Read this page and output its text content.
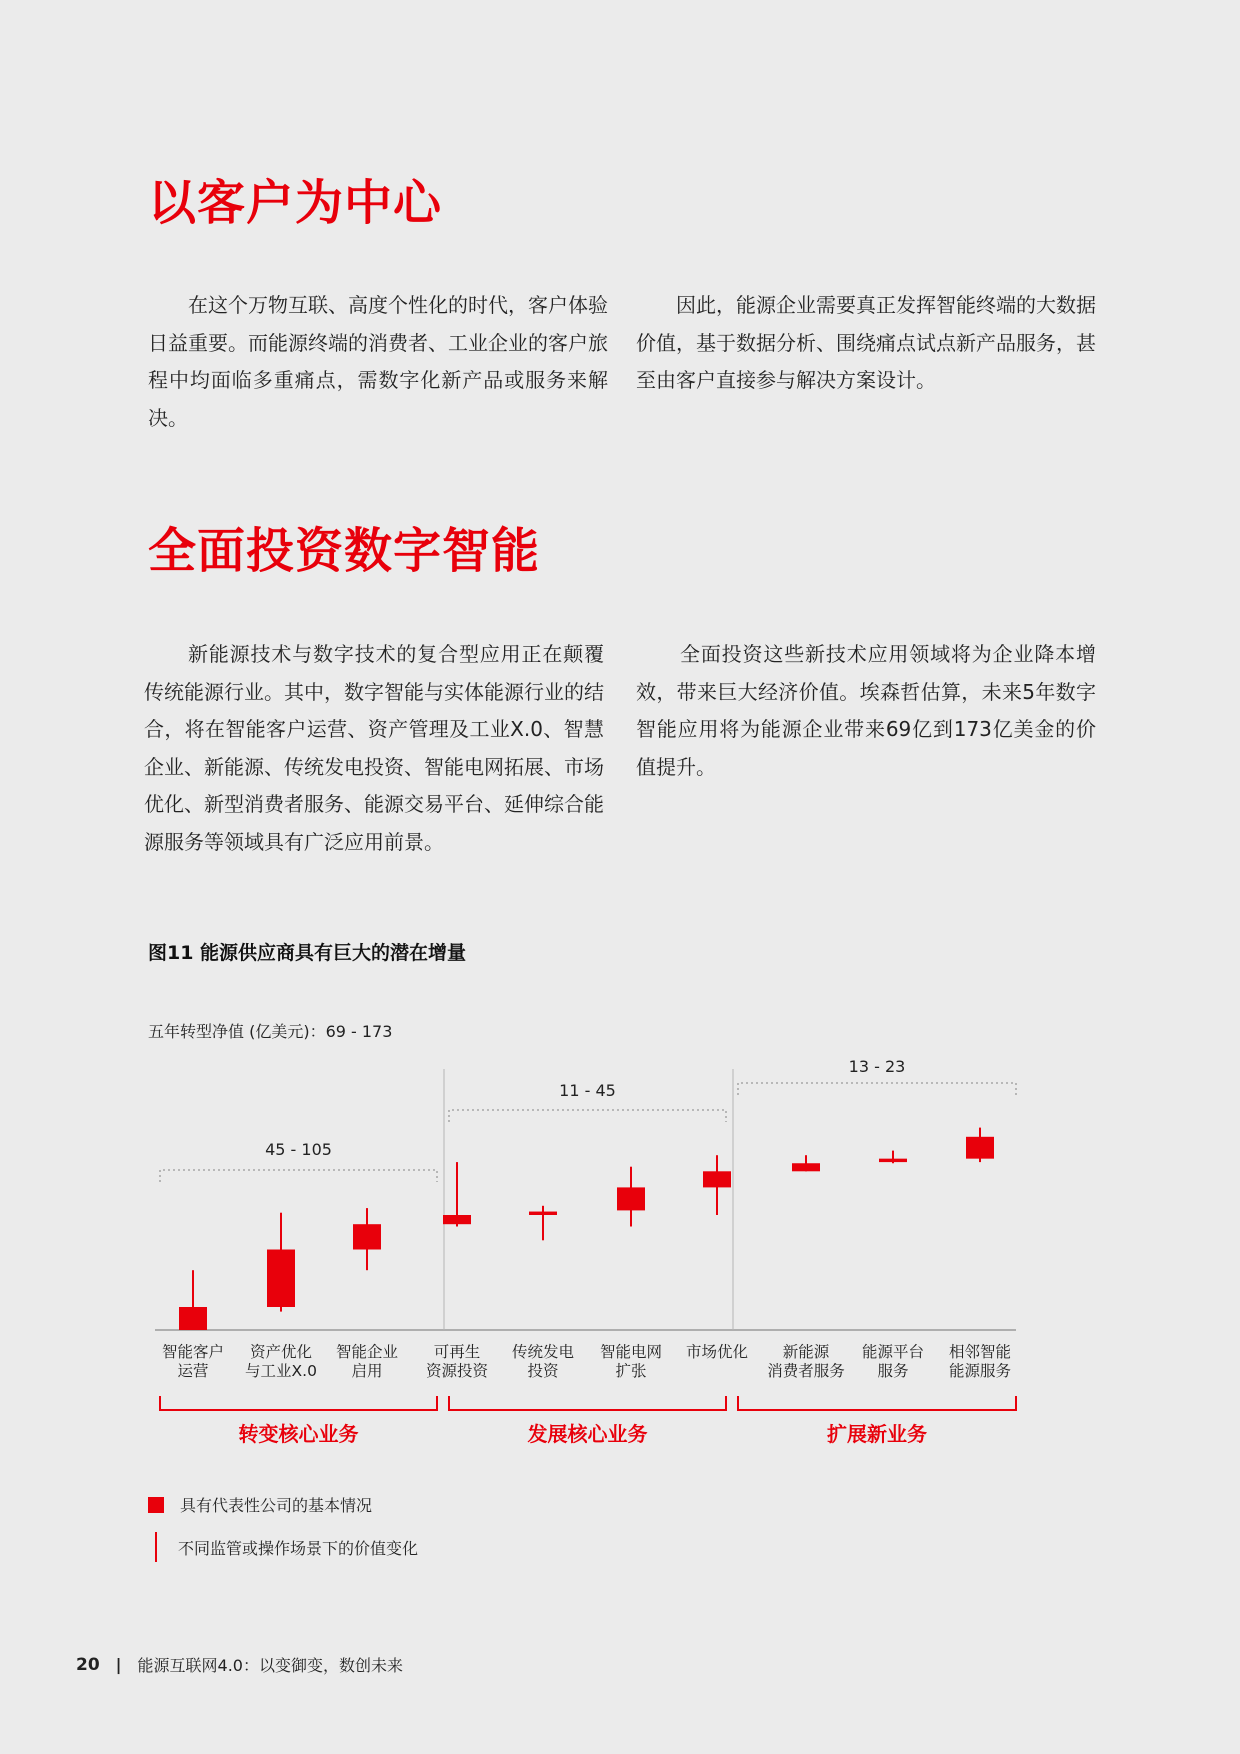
以客户为中心

在这个万物互联、高度个性化的时代，客户体验日益重要。而能源终端的消费者、工业企业的客户旅程中均面临多重痛点，需数字化新产品或服务来解决。

因此，能源企业需要真正发挥智能终端的大数据价值，基于数据分析、围绕痛点试点新产品服务，甚至由客户直接参与解决方案设计。

全面投资数字智能

新能源技术与数字技术的复合型应用正在颠覆传统能源行业。其中，数字智能与实体能源行业的结合，将在智能客户运营、资产管理及工业X.0、智慧企业、新能源、传统发电投资、智能电网拓展、市场优化、新型消费者服务、能源交易平台、延伸综合能源服务等领域具有广泛应用前景。

全面投资这些新技术应用领域将为企业降本增效，带来巨大经济价值。埃森哲估算，未来5年数字智能应用将为能源企业带来69亿到173亿美金的价值提升。

图11 能源供应商具有巨大的潜在增量

五年转型净值 (亿美元)：69 - 173

智能客户
运营
资产优化
与工业X.0
智能企业
启用
可再生
资源投资
传统发电
投资
智能电网
扩张
市场优化 新能源
消费者服务
能源平台
服务
相邻智能
能源服务
45 - 105
转变核心业务
11 - 45
发展核心业务
13 - 23
扩展新业务
具有代表性公司的基本情况
不同监管或操作场景下的价值变化
20 | 能源互联网4.0：以变御变，数创未来
